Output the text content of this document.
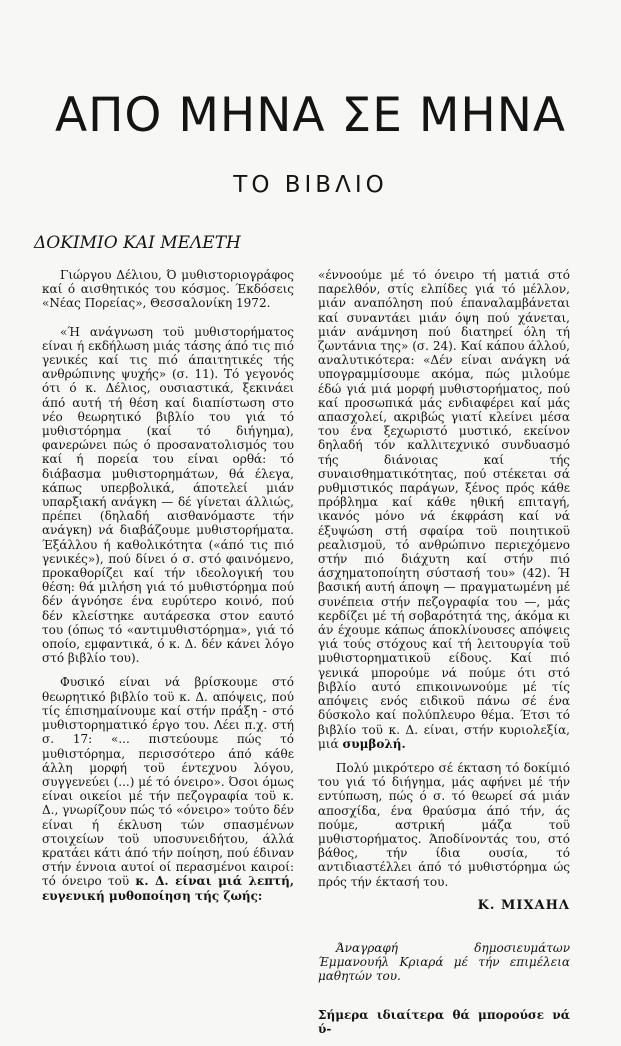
ΑΠΟ ΜΗΝΑ ΣΕ ΜΗΝΑ
ΤΟ ΒΙΒΛΙΟ
ΔΟΚΙΜΙΟ ΚΑΙ ΜΕΛΕΤΗ

Γιώργου Δέλιου, Ό μυθιστοριογράφος καί ό αισθητικός του κόσμος. Έκδόσεις «Νέας Πορείας», Θεσσαλονίκη 1972.

«Ή ανάγνωση τοϋ μυθιστορήματος είναι ή εκδήλωση μιάς τάσης άπό τις πιό γενικές καί τις πιό άπαιτητικές τής ανθρώπινης ψυχής» (σ. 11). Τό γεγονός ότι ό κ. Δέλιος, ουσιαστικά, ξεκινάει άπό αυτή τή θέση καί διαπίστωση στο νέο θεωρητικό βιβλίο του γιά τό μυθιστόρημα (καί τό διήγημα), φανερώνει πώς ό προσανατολισμός του καί ή πορεία του είναι ορθά: τό διάβασμα μυθιστορημάτων, θά έλεγα, κάπως υπερβολικά, άποτελεί μιάν υπαρξιακή ανάγκη — δέ γίνεται άλλιώς, πρέπει (δηλαδή αισθανόμαστε τήν ανάγκη) νά διαβάζουμε μυθιστορήματα. Έξάλλου ή καθολικότητα («άπό τις πιό γενικές»), πού δίνει ό σ. στό φαινόμενο, προκαθορίζει καί τήν ιδεολογική του θέση: θά μιλήση γιά τό μυθιστόρημα πού δέν άγνόησε ένα ευρύτερο κοινό, πού δέν κλείστηκε αυτάρεσκα στον εαυτό του (όπως τό «αντιμυθιστόρημα», γιά τό οποίο, εμφαντικά, ό κ. Δ. δέν κάνει λόγο στό βιβλίο του).

Φυσικό είναι νά βρίσκουμε στό θεωρητικό βιβλίο τοϋ κ. Δ. απόψεις, πού τίς έπισημαίνουμε καί στήν πράξη - στό μυθιστορηματικό έργο του. Λέει π.χ. στή σ. 17: «... πιστεύουμε πώς τό μυθιστόρημα, περισσότερο άπό κάθε άλλη μορφή τοϋ έντεχνου λόγου, συγγενεύει (...) μέ τό όνειρο». Όσοι όμως είναι οικείοι μέ τήν πεζογραφία τοϋ κ. Δ., γνωρίζουν πώς τό «όνειρο» τούτο δέν είναι ή έκλυση τών σπασμένων στοιχείων τοϋ υποσυνειδήτου, άλλά κρατάει κάτι άπό τήν ποίηση, πού έδιναν στήν έννοια αυτοί οί περασμένοι καιροί: τό όνειρο τοϋ κ. Δ. είναι μιά λεπτή, ευγενική μυθοποίηση τής ζωής:

«έννοούμε μέ τό όνειρο τή ματιά στό παρελθόν, στίς ελπίδες γιά τό μέλλον, μιάν αναπόληση πού έπαναλαμβάνεται καί συναντάει μιάν όψη πού χάνεται, μιάν ανάμνηση πού διατηρεί όλη τή ζωντάνια της» (σ. 24). Καί κάπου άλλού, αναλυτικότερα: «Δέν είναι ανάγκη νά υπογραμμίσουμε ακόμα, πώς μιλούμε έδώ γιά μιά μορφή μυθιστορήματος, πού καί προσωπικά μάς ενδιαφέρει καί μάς απασχολεί, ακριβώς γιατί κλείνει μέσα του ένα ξεχωριστό μυστικό, εκείνον δηλαδή τόν καλλιτεχνικό συνδυασμό τής διάνοιας καί τής συναισθηματικότητας, πού στέκεται σά ρυθμιστικός παράγων, ξένος πρός κάθε πρόβλημα καί κάθε ηθική επιταγή, ικανός μόνο νά έκφράση καί νά έξυψώση στή σφαίρα τοϋ ποιητικοϋ ρεαλισμοϋ, τό ανθρώπινο περιεχόμενο στήν πιό διάχυτη καί στήν πιό άσχηματοποίητη σύστασή του» (42). Ή βασική αυτή άποψη — πραγματωμένη μέ συνέπεια στήν πεζογραφία του —, μάς κερδίζει μέ τή σοβαρότητά της, άκόμα κι άν έχουμε κάπως άποκλίνουσες απόψεις γιά τούς στόχους καί τή λειτουργία τοϋ μυθιστορηματικοϋ είδους. Καί πιό γενικά μπορούμε νά πούμε ότι στό βιβλίο αυτό επικοινωνούμε μέ τίς απόψεις ενός ειδικοϋ πάνω σέ ένα δύσκολο καί πολύπλευρο θέμα. Έτσι τό βιβλίο τοϋ κ. Δ. είναι, στήν κυριολεξία, μιά συμβολή.

Πολύ μικρότερο σέ έκταση τό δοκίμιό του γιά τό διήγημα, μάς αφήνει μέ τήν εντύπωση, πώς ό σ. τό θεωρεί σά μιάν αποσχίδα, ένα θραύσμα άπό τήν, άς πούμε, αστρική μάζα τοϋ μυθιστορήματος. Άποδίνοντάς του, στό βάθος, τήν ίδια ουσία, τό αντιδιαστέλλει άπό τό μυθιστόρημα ώς πρός τήν έκτασή του.

Κ. ΜΙΧΑΗΛ

Άναγραφή δημοσιευμάτων Έμμανουήλ Κριαρά μέ τήν επιμέλεια μαθητών του.

Σήμερα ιδιαίτερα θά μπορούσε νά ύ-
